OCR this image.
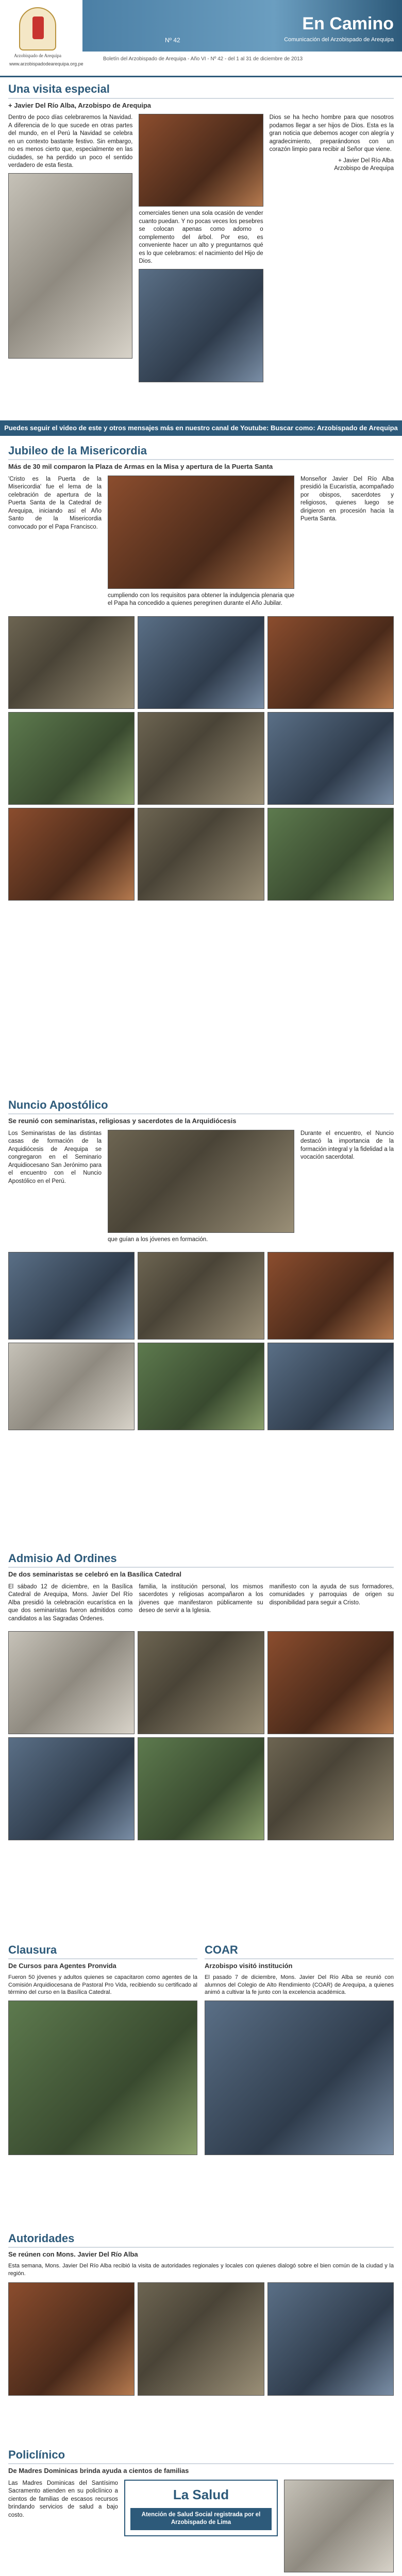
Arzobispado de Arequipa
www.arzobispadodearequipa.org.pe
Nº 42
En Camino
Comunicación del Arzobispado de Arequipa
Boletín del Arzobispado de Arequipa - Año VI - Nº 42 - del 1 al 31 de diciembre de 2013
Una visita especial
+ Javier Del Río Alba, Arzobispo de Arequipa

Dentro de poco días celebraremos la Navidad. A diferencia de lo que sucede en otras partes del mundo, en el Perú la Navidad se celebra en un contexto bastante festivo. Sin embargo, no es menos cierto que, especialmente en las ciudades, se ha perdido un poco el sentido verdadero de esta fiesta.

comerciales tienen una sola ocasión de vender cuanto puedan. Y no pocas veces los pesebres se colocan apenas como adorno o complemento del árbol. Por eso, es conveniente hacer un alto y preguntarnos qué es lo que celebramos: el nacimiento del Hijo de Dios.

Dios se ha hecho hombre para que nosotros podamos llegar a ser hijos de Dios. Esta es la gran noticia que debemos acoger con alegría y agradecimiento, preparándonos con un corazón limpio para recibir al Señor que viene.

+ Javier Del Río Alba
Arzobispo de Arequipa
Puedes seguir el video de este y otros mensajes más en nuestro canal de Youtube: Buscar como: Arzobispado de Arequipa
Jubileo de la Misericordia
Más de 30 mil comparon la Plaza de Armas en la Misa y apertura de la Puerta Santa

'Cristo es la Puerta de la Misericordia' fue el lema de la celebración de apertura de la Puerta Santa de la Catedral de Arequipa, iniciando así el Año Santo de la Misericordia convocado por el Papa Francisco.

cumpliendo con los requisitos para obtener la indulgencia plenaria que el Papa ha concedido a quienes peregrinen durante el Año Jubilar.

Monseñor Javier Del Río Alba presidió la Eucaristía, acompañado por obispos, sacerdotes y religiosos, quienes luego se dirigieron en procesión hacia la Puerta Santa.

Nuncio Apostólico
Se reunió con seminaristas, religiosas y sacerdotes de la Arquidiócesis

Los Seminaristas de las distintas casas de formación de la Arquidiócesis de Arequipa se congregaron en el Seminario Arquidiocesano San Jerónimo para el encuentro con el Nuncio Apostólico en el Perú.

que guían a los jóvenes en formación.

Durante el encuentro, el Nuncio destacó la importancia de la formación integral y la fidelidad a la vocación sacerdotal.

Admisio Ad Ordines
De dos seminaristas se celebró en la Basílica Catedral

El sábado 12 de diciembre, en la Basílica Catedral de Arequipa, Mons. Javier Del Río Alba presidió la celebración eucarística en la que dos seminaristas fueron admitidos como candidatos a las Sagradas Órdenes.

familia, la institución personal, los mismos sacerdotes y religiosas acompañaron a los jóvenes que manifestaron públicamente su deseo de servir a la Iglesia.

manifiesto con la ayuda de sus formadores, comunidades y parroquias de origen su disponibilidad para seguir a Cristo.

Clausura
De Cursos para Agentes Pronvida

Fueron 50 jóvenes y adultos quienes se capacitaron como agentes de la Comisión Arquidiocesana de Pastoral Pro Vida, recibiendo su certificado al término del curso en la Basílica Catedral.

COAR
Arzobispo visitó institución

El pasado 7 de diciembre, Mons. Javier Del Río Alba se reunió con alumnos del Colegio de Alto Rendimiento (COAR) de Arequipa, a quienes animó a cultivar la fe junto con la excelencia académica.

Autoridades
Se reúnen con Mons. Javier Del Río Alba

Esta semana, Mons. Javier Del Río Alba recibió la visita de autoridades regionales y locales con quienes dialogó sobre el bien común de la ciudad y la región.

Policlínico
De Madres Dominicas brinda ayuda a cientos de familias

Las Madres Dominicas del Santísimo Sacramento atienden en su policlínico a cientos de familias de escasos recursos brindando servicios de salud a bajo costo.

La Salud
Atención de Salud Social registrada por el Arzobispado de Lima
